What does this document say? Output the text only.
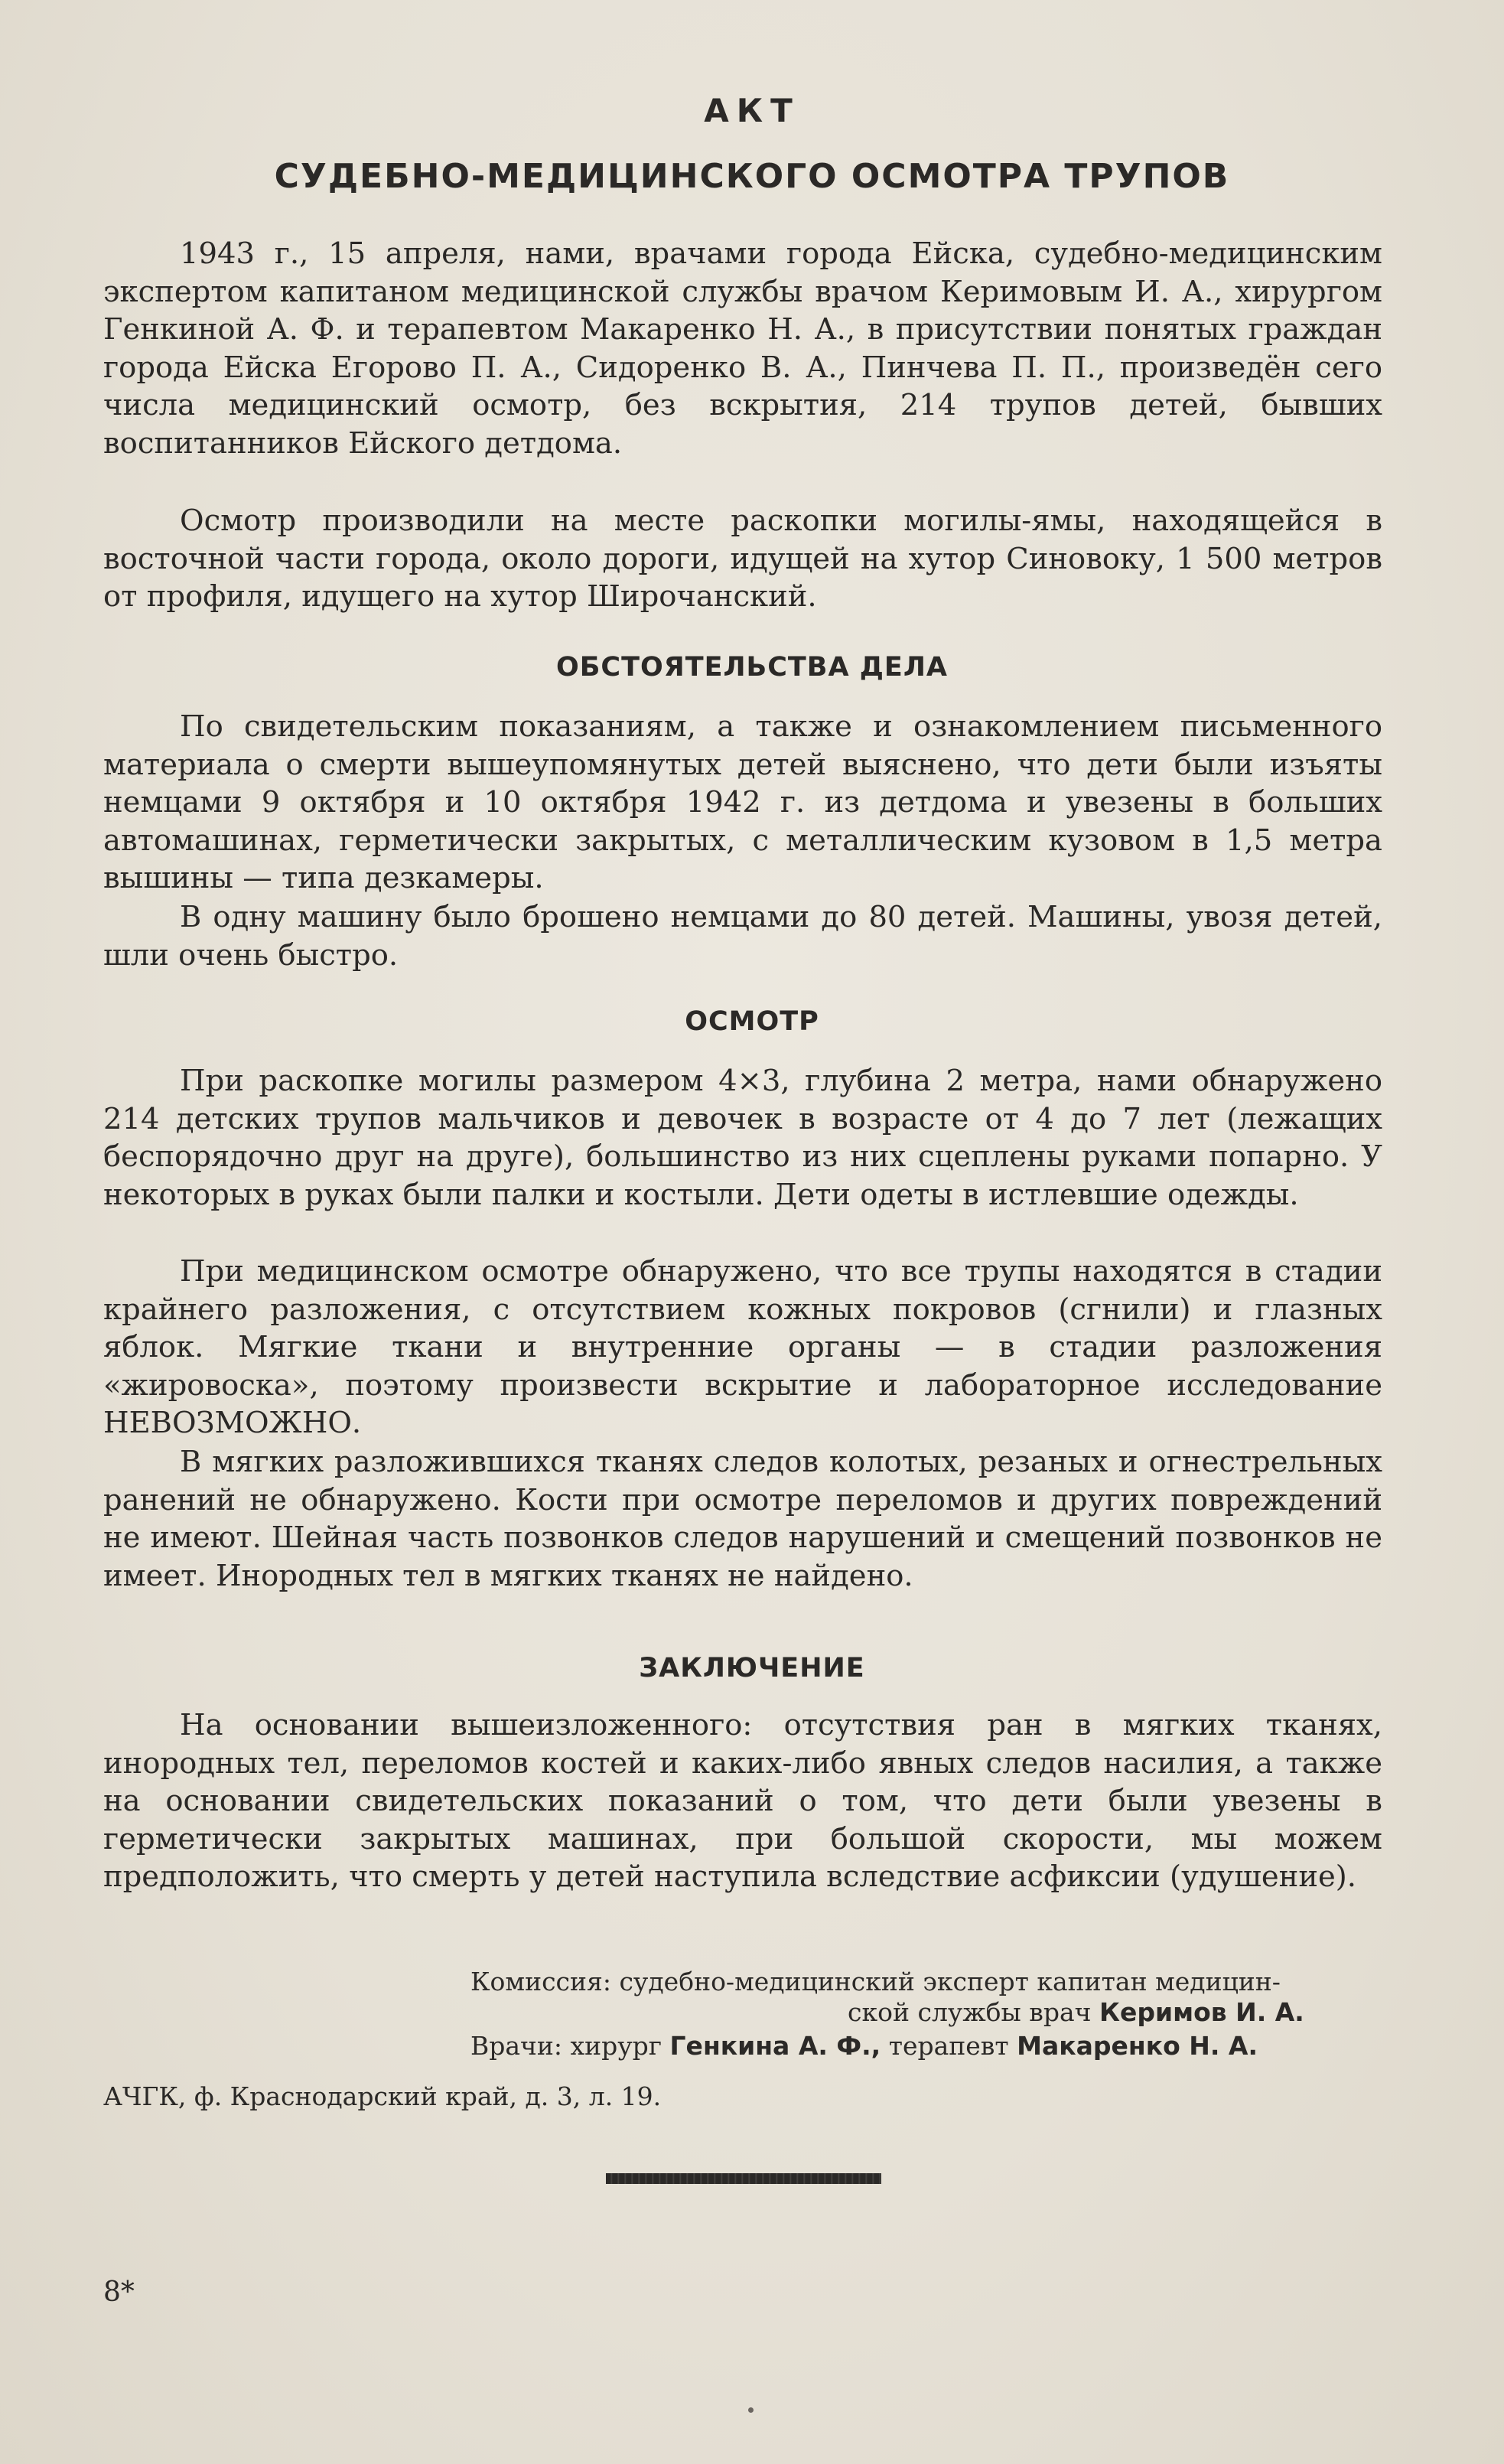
АКТ
СУДЕБНО-МЕДИЦИНСКОГО ОСМОТРА ТРУПОВ

1943 г., 15 апреля, нами, врачами города Ейска, судебно-медицинским экспертом капитаном медицинской службы врачом Керимовым И. А., хирургом Генкиной А. Ф. и терапевтом Макаренко Н. А., в присутствии понятых граждан города Ейска Егорово П. А., Сидоренко В. А., Пинчева П. П., произведён сего числа медицинский осмотр, без вскрытия, 214 трупов детей, бывших воспитанников Ейского детдома.

Осмотр производили на месте раскопки могилы-ямы, находящейся в восточной части города, около дороги, идущей на хутор Синовоку, 1 500 метров от профиля, идущего на хутор Широчанский.

ОБСТОЯТЕЛЬСТВА ДЕЛА

По свидетельским показаниям, а также и ознакомлением письменного материала о смерти вышеупомянутых детей выяснено, что дети были изъяты немцами 9 октября и 10 октября 1942 г. из детдома и увезены в больших автомашинах, герметически закрытых, с металлическим кузовом в 1,5 метра вышины — типа дезкамеры.

В одну машину было брошено немцами до 80 детей. Машины, увозя детей, шли очень быстро.

ОСМОТР

При раскопке могилы размером 4×3, глубина 2 метра, нами обнаружено 214 детских трупов мальчиков и девочек в возрасте от 4 до 7 лет (лежащих беспорядочно друг на друге), большинство из них сцеплены руками попарно. У некоторых в руках были палки и костыли. Дети одеты в истлевшие одежды.

При медицинском осмотре обнаружено, что все трупы находятся в стадии крайнего разложения, с отсутствием кожных покровов (сгнили) и глазных яблок. Мягкие ткани и внутренние органы — в стадии разложения «жировоска», поэтому произвести вскрытие и лабораторное исследование НЕВОЗМОЖНО.

В мягких разложившихся тканях следов колотых, резаных и огнестрельных ранений не обнаружено. Кости при осмотре переломов и других повреждений не имеют. Шейная часть позвонков следов нарушений и смещений позвонков не имеет. Инородных тел в мягких тканях не найдено.

ЗАКЛЮЧЕНИЕ

На основании вышеизложенного: отсутствия ран в мягких тканях, инородных тел, переломов костей и каких-либо явных следов насилия, а также на основании свидетельских показаний о том, что дети были увезены в герметически закрытых машинах, при большой скорости, мы можем предположить, что смерть у детей наступила вследствие асфиксии (удушение).

Комиссия: судебно-медицинский эксперт капитан медицин-
ской службы врач Керимов И. А.
Врачи: хирург Генкина А. Ф., терапевт Макаренко Н. А.
АЧГК, ф. Краснодарский край, д. 3, л. 19.
8*
